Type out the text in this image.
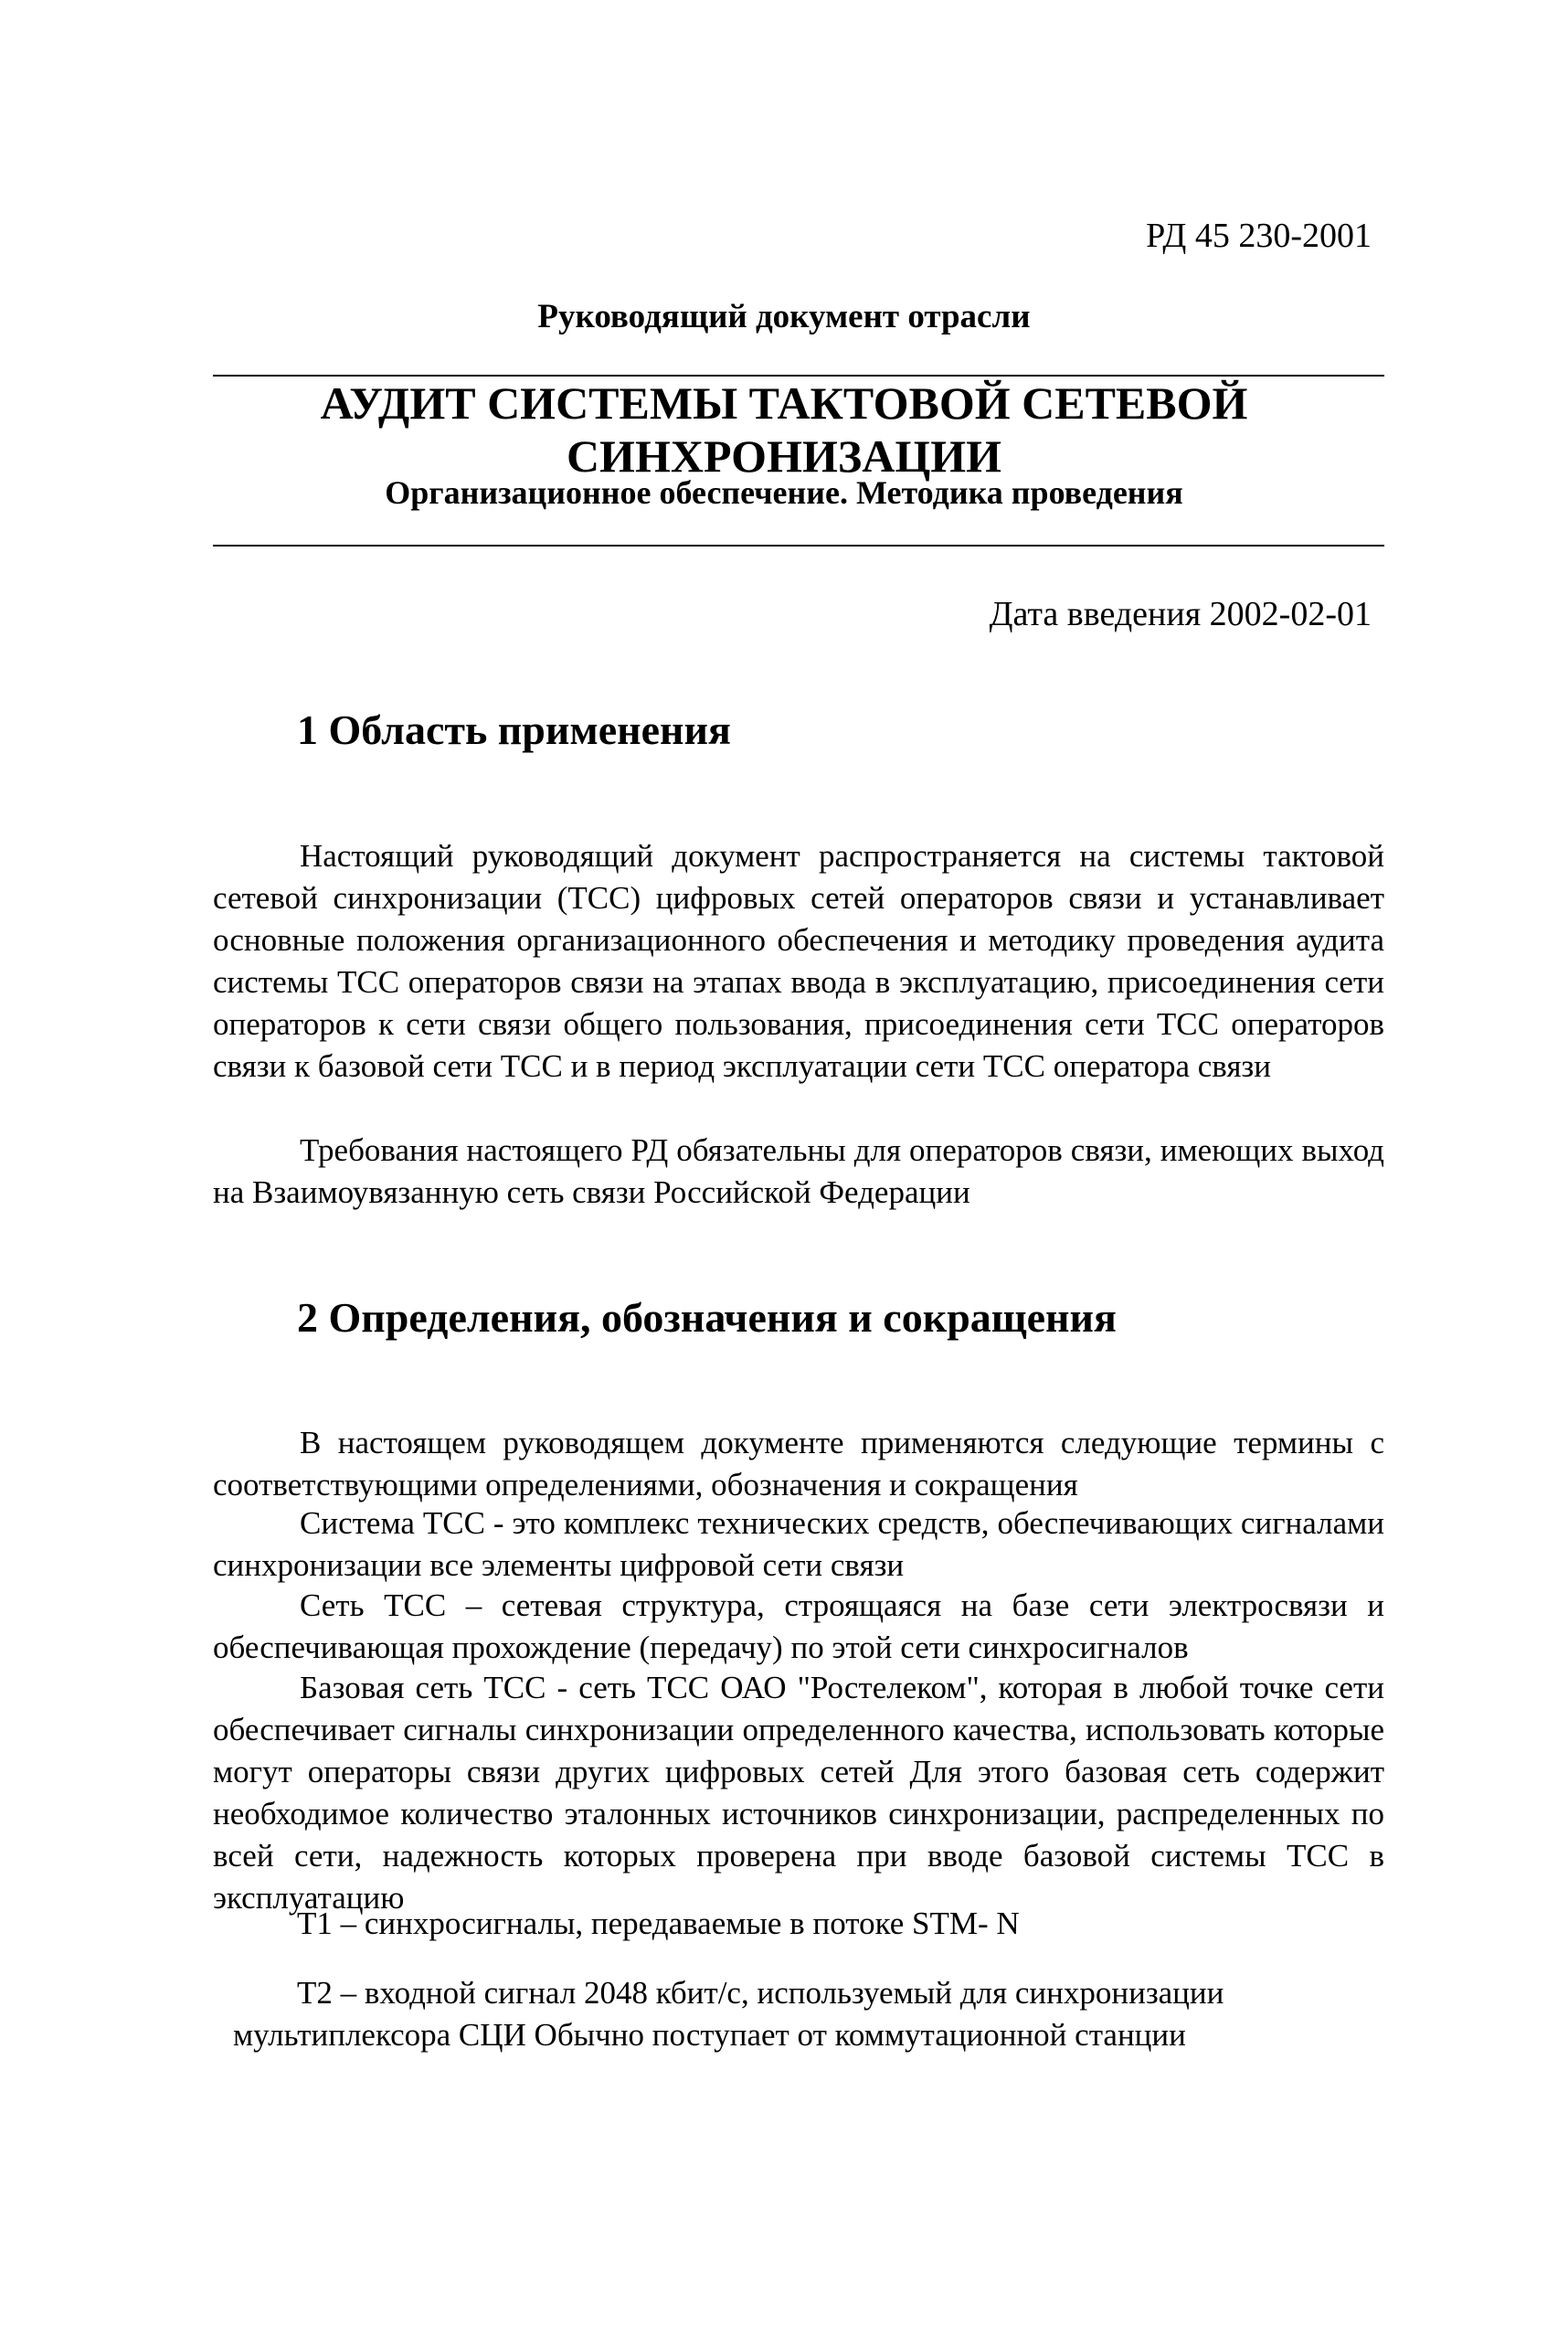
РД 45 230-2001
Руководящий документ отрасли
АУДИТ СИСТЕМЫ ТАКТОВОЙ СЕТЕВОЙ
СИНХРОНИЗАЦИИ
Организационное обеспечение. Методика проведения
Дата введения 2002-02-01
1 Область применения
Настоящий руководящий документ распространяется на системы тактовой сетевой синхронизации (ТСС) цифровых сетей операторов связи и устанавливает основные положения организационного обеспечения и методику проведения аудита системы ТСС операторов связи на этапах ввода в эксплуатацию, присоединения сети операторов к сети связи общего пользования, присоединения сети ТСС операторов связи к базовой сети ТСС и в период эксплуатации сети ТСС оператора связи
Требования настоящего РД обязательны для операторов связи, имеющих выход на Взаимоувязанную сеть связи Российской Федерации
2 Определения, обозначения и сокращения
В настоящем руководящем документе применяются следующие термины с соответствующими определениями, обозначения и сокращения
Система ТСС - это комплекс технических средств, обеспечивающих сигналами синхронизации все элементы цифровой сети связи
Сеть ТСС – сетевая структура, строящаяся на базе сети электросвязи и обеспечивающая прохождение (передачу) по этой сети синхросигналов
Базовая сеть ТСС - сеть ТСС ОАО "Ростелеком", которая в любой точке сети обеспечивает сигналы синхронизации определенного качества, использовать которые могут операторы связи других цифровых сетей Для этого базовая сеть содержит необходимое количество эталонных источников синхронизации, распределенных по всей сети, надежность которых проверена при вводе базовой системы ТСС в эксплуатацию
Т1 – синхросигналы, передаваемые в потоке STM- N
Т2 – входной сигнал 2048 кбит/с, используемый для синхронизации
мультиплексора СЦИ Обычно поступает от коммутационной станции
